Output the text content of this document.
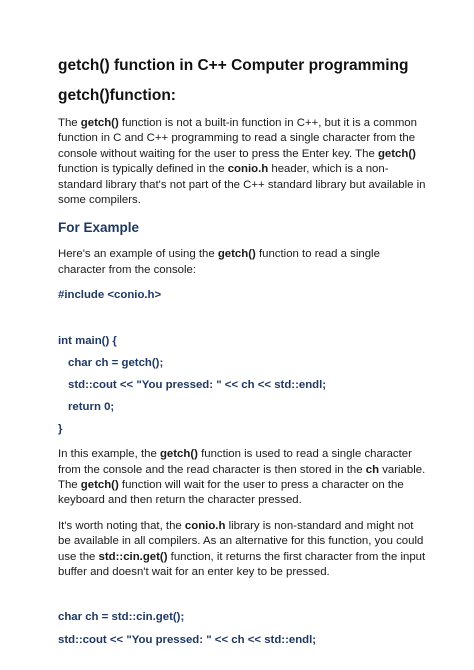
getch() function in C++ Computer programming
getch()function:

The getch() function is not a built-in function in C++, but it is a common function in C and C++ programming to read a single character from the console without waiting for the user to press the Enter key. The getch() function is typically defined in the conio.h header, which is a non-standard library that's not part of the C++ standard library but available in some compilers.

For Example

Here's an example of using the getch() function to read a single character from the console:

#include <conio.h>
int main() {
char ch = getch();
std::cout << "You pressed: " << ch << std::endl;
return 0;
}

In this example, the getch() function is used to read a single character from the console and the read character is then stored in the ch variable. The getch() function will wait for the user to press a character on the keyboard and then return the character pressed.

It's worth noting that, the conio.h library is non-standard and might not be available in all compilers. As an alternative for this function, you could use the std::cin.get() function, it returns the first character from the input buffer and doesn't wait for an enter key to be pressed.

char ch = std::cin.get();
std::cout << "You pressed: " << ch << std::endl;
